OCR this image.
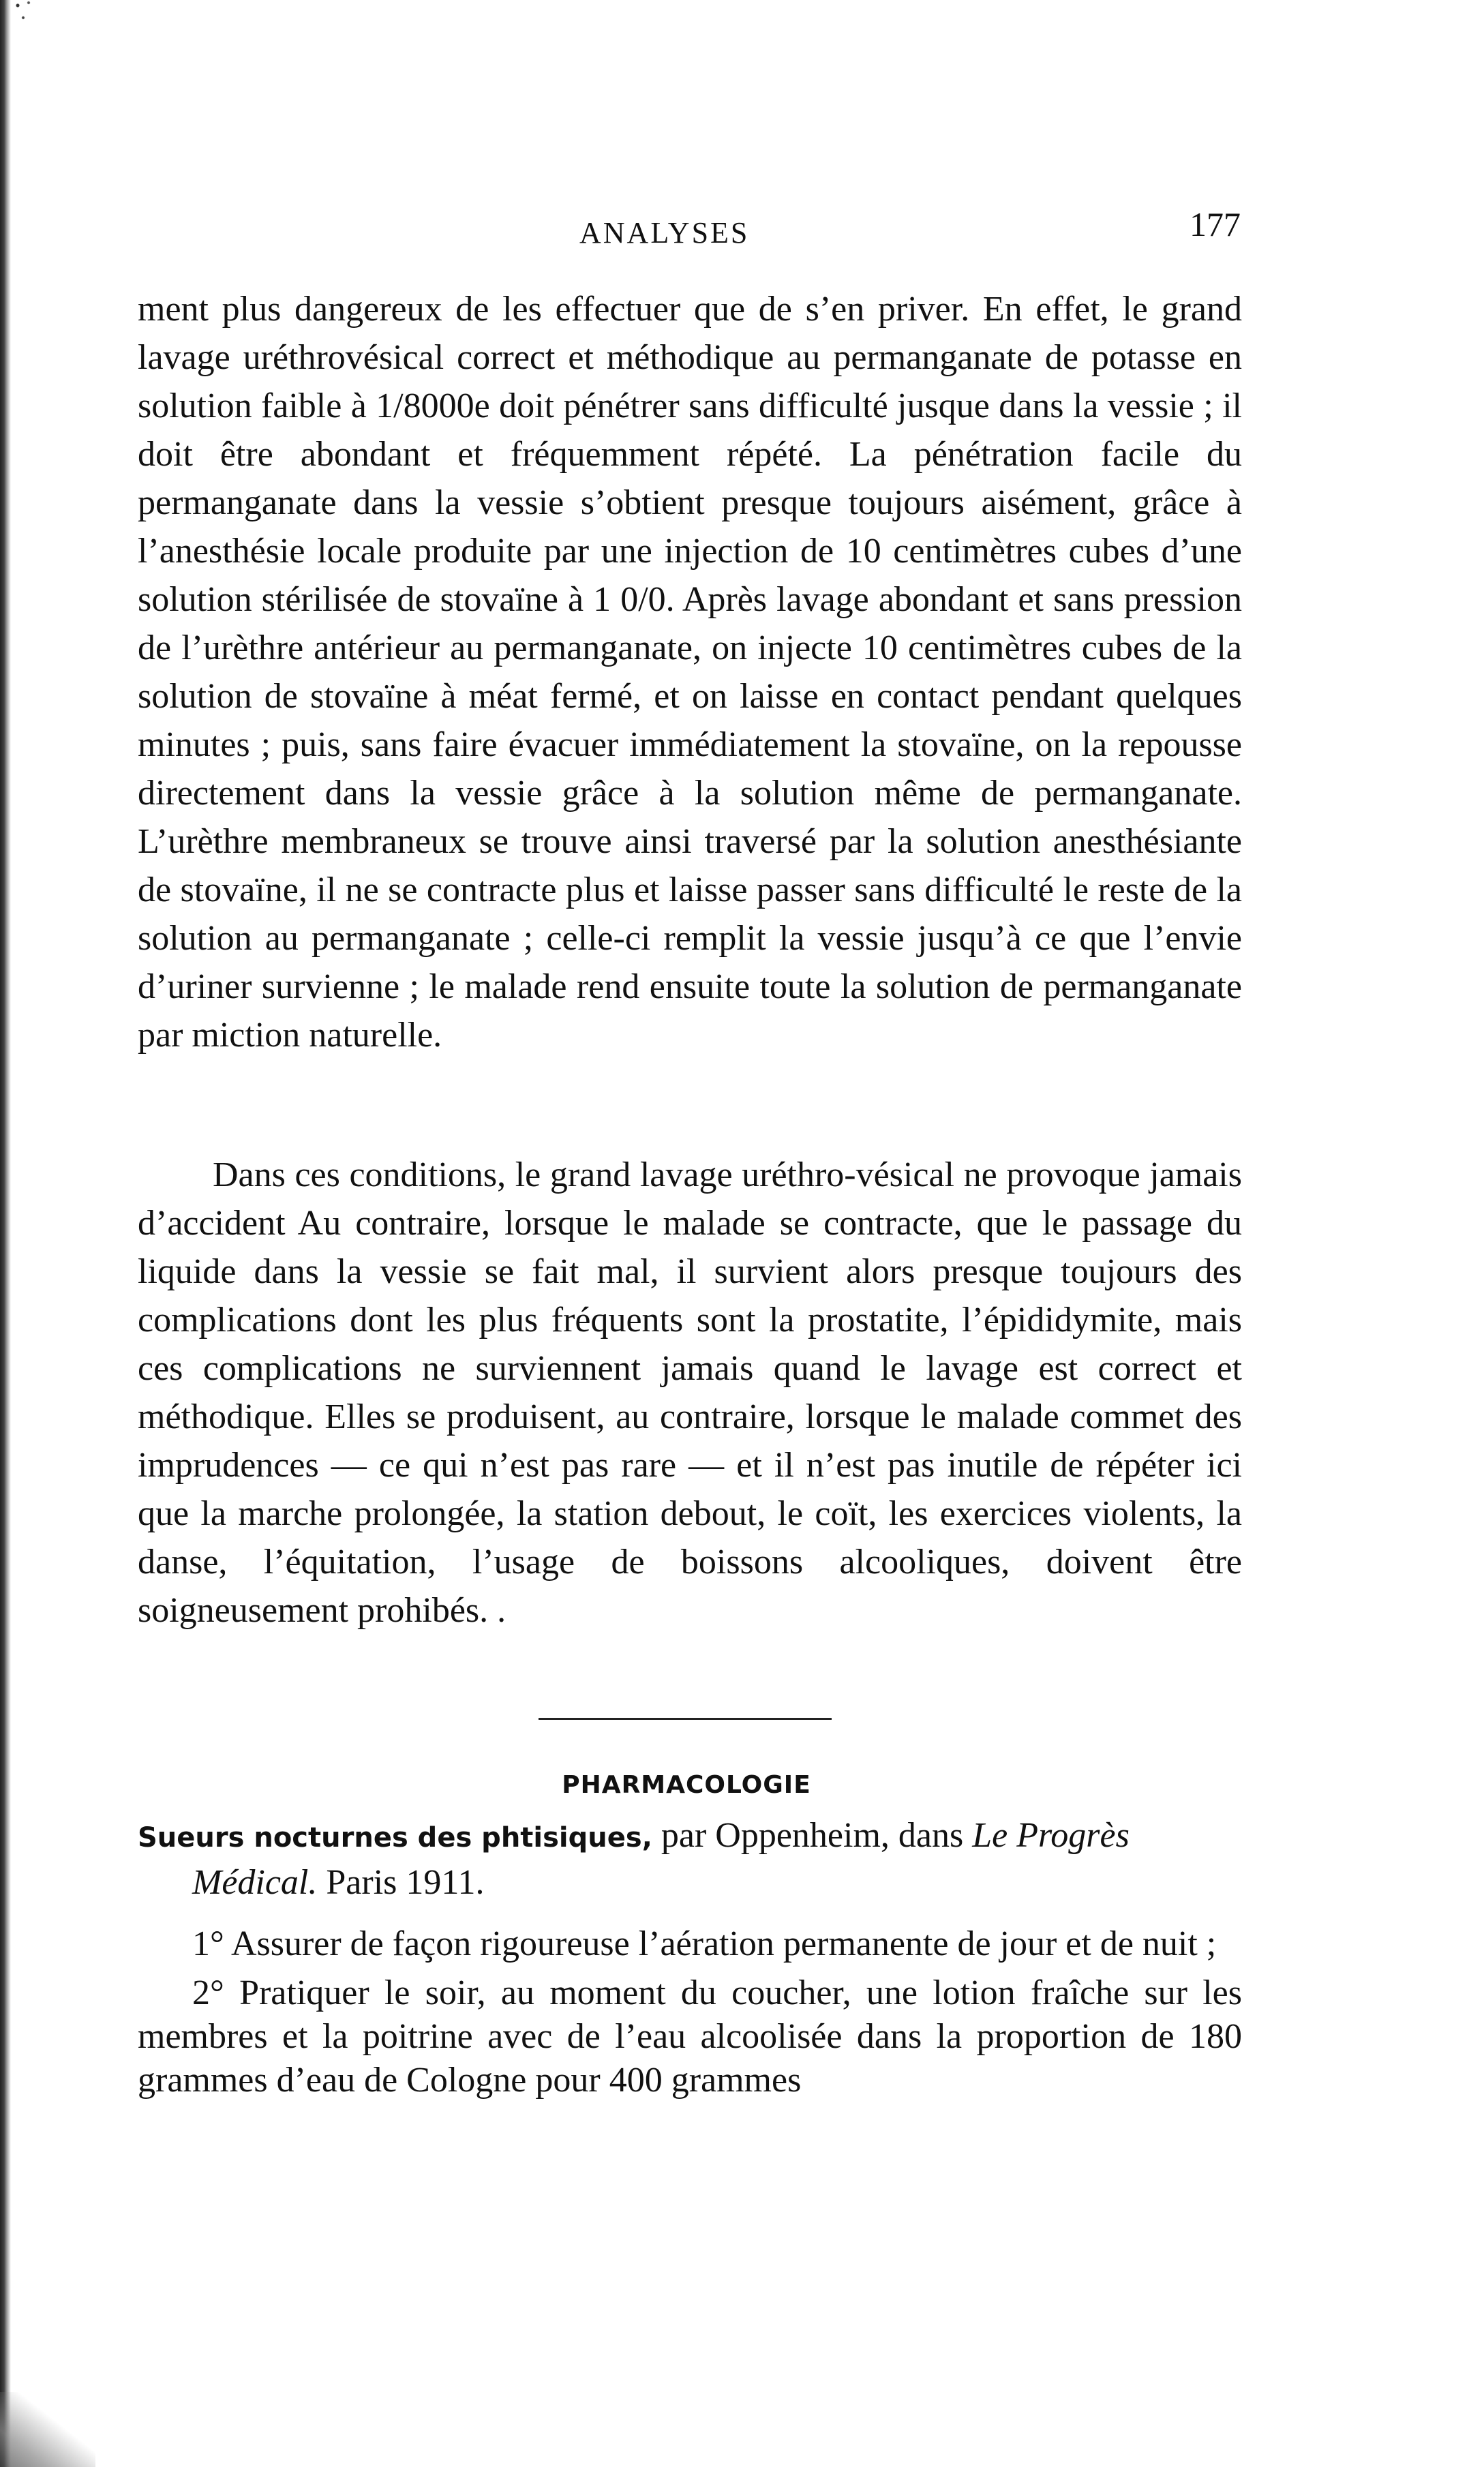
ANALYSES	177

ment plus dangereux de les effectuer que de s’en priver. En effet, le grand lavage uréthrovésical correct et méthodique au permanganate de potasse en solution faible à 1/8000e doit pénétrer sans difficulté jusque dans la vessie ; il doit être abondant et fréquemment répété. La pénétration facile du permanganate dans la vessie s’obtient presque toujours aisément, grâce à l’anesthésie locale produite par une injection de 10 centimètres cubes d’une solution stérilisée de stovaïne à 1 0/0. Après lavage abondant et sans pression de l’urèthre antérieur au permanganate, on injecte 10 centimètres cubes de la solution de stovaïne à méat fermé, et on laisse en contact pendant quelques minutes ; puis, sans faire évacuer immédiatement la stovaïne, on la repousse directement dans la vessie grâce à la solution même de permanganate. L’urèthre membraneux se trouve ainsi traversé par la solution anesthésiante de stovaïne, il ne se contracte plus et laisse passer sans difficulté le reste de la solution au permanganate ; celle-ci remplit la vessie jusqu’à ce que l’envie d’uriner survienne ; le malade rend ensuite toute la solution de permanganate par miction naturelle.

Dans ces conditions, le grand lavage uréthro-vésical ne provoque jamais d’accident Au contraire, lorsque le malade se contracte, que le passage du liquide dans la vessie se fait mal, il survient alors presque toujours des complications dont les plus fréquents sont la prostatite, l’épididymite, mais ces complications ne surviennent jamais quand le lavage est correct et méthodique. Elles se produisent, au contraire, lorsque le malade commet des imprudences — ce qui n’est pas rare — et il n’est pas inutile de répéter ici que la marche prolongée, la station debout, le coït, les exercices violents, la danse, l’équitation, l’usage de boissons alcooliques, doivent être soigneusement prohibés. .

PHARMACOLOGIE
Sueurs nocturnes des phtisiques, par Oppenheim, dans Le Progrès
Médical. Paris 1911.

1° Assurer de façon rigoureuse l’aération permanente de jour et de nuit ;

2° Pratiquer le soir, au moment du coucher, une lotion fraîche sur les membres et la poitrine avec de l’eau alcoolisée dans la proportion de 180 grammes d’eau de Cologne pour 400 grammes
